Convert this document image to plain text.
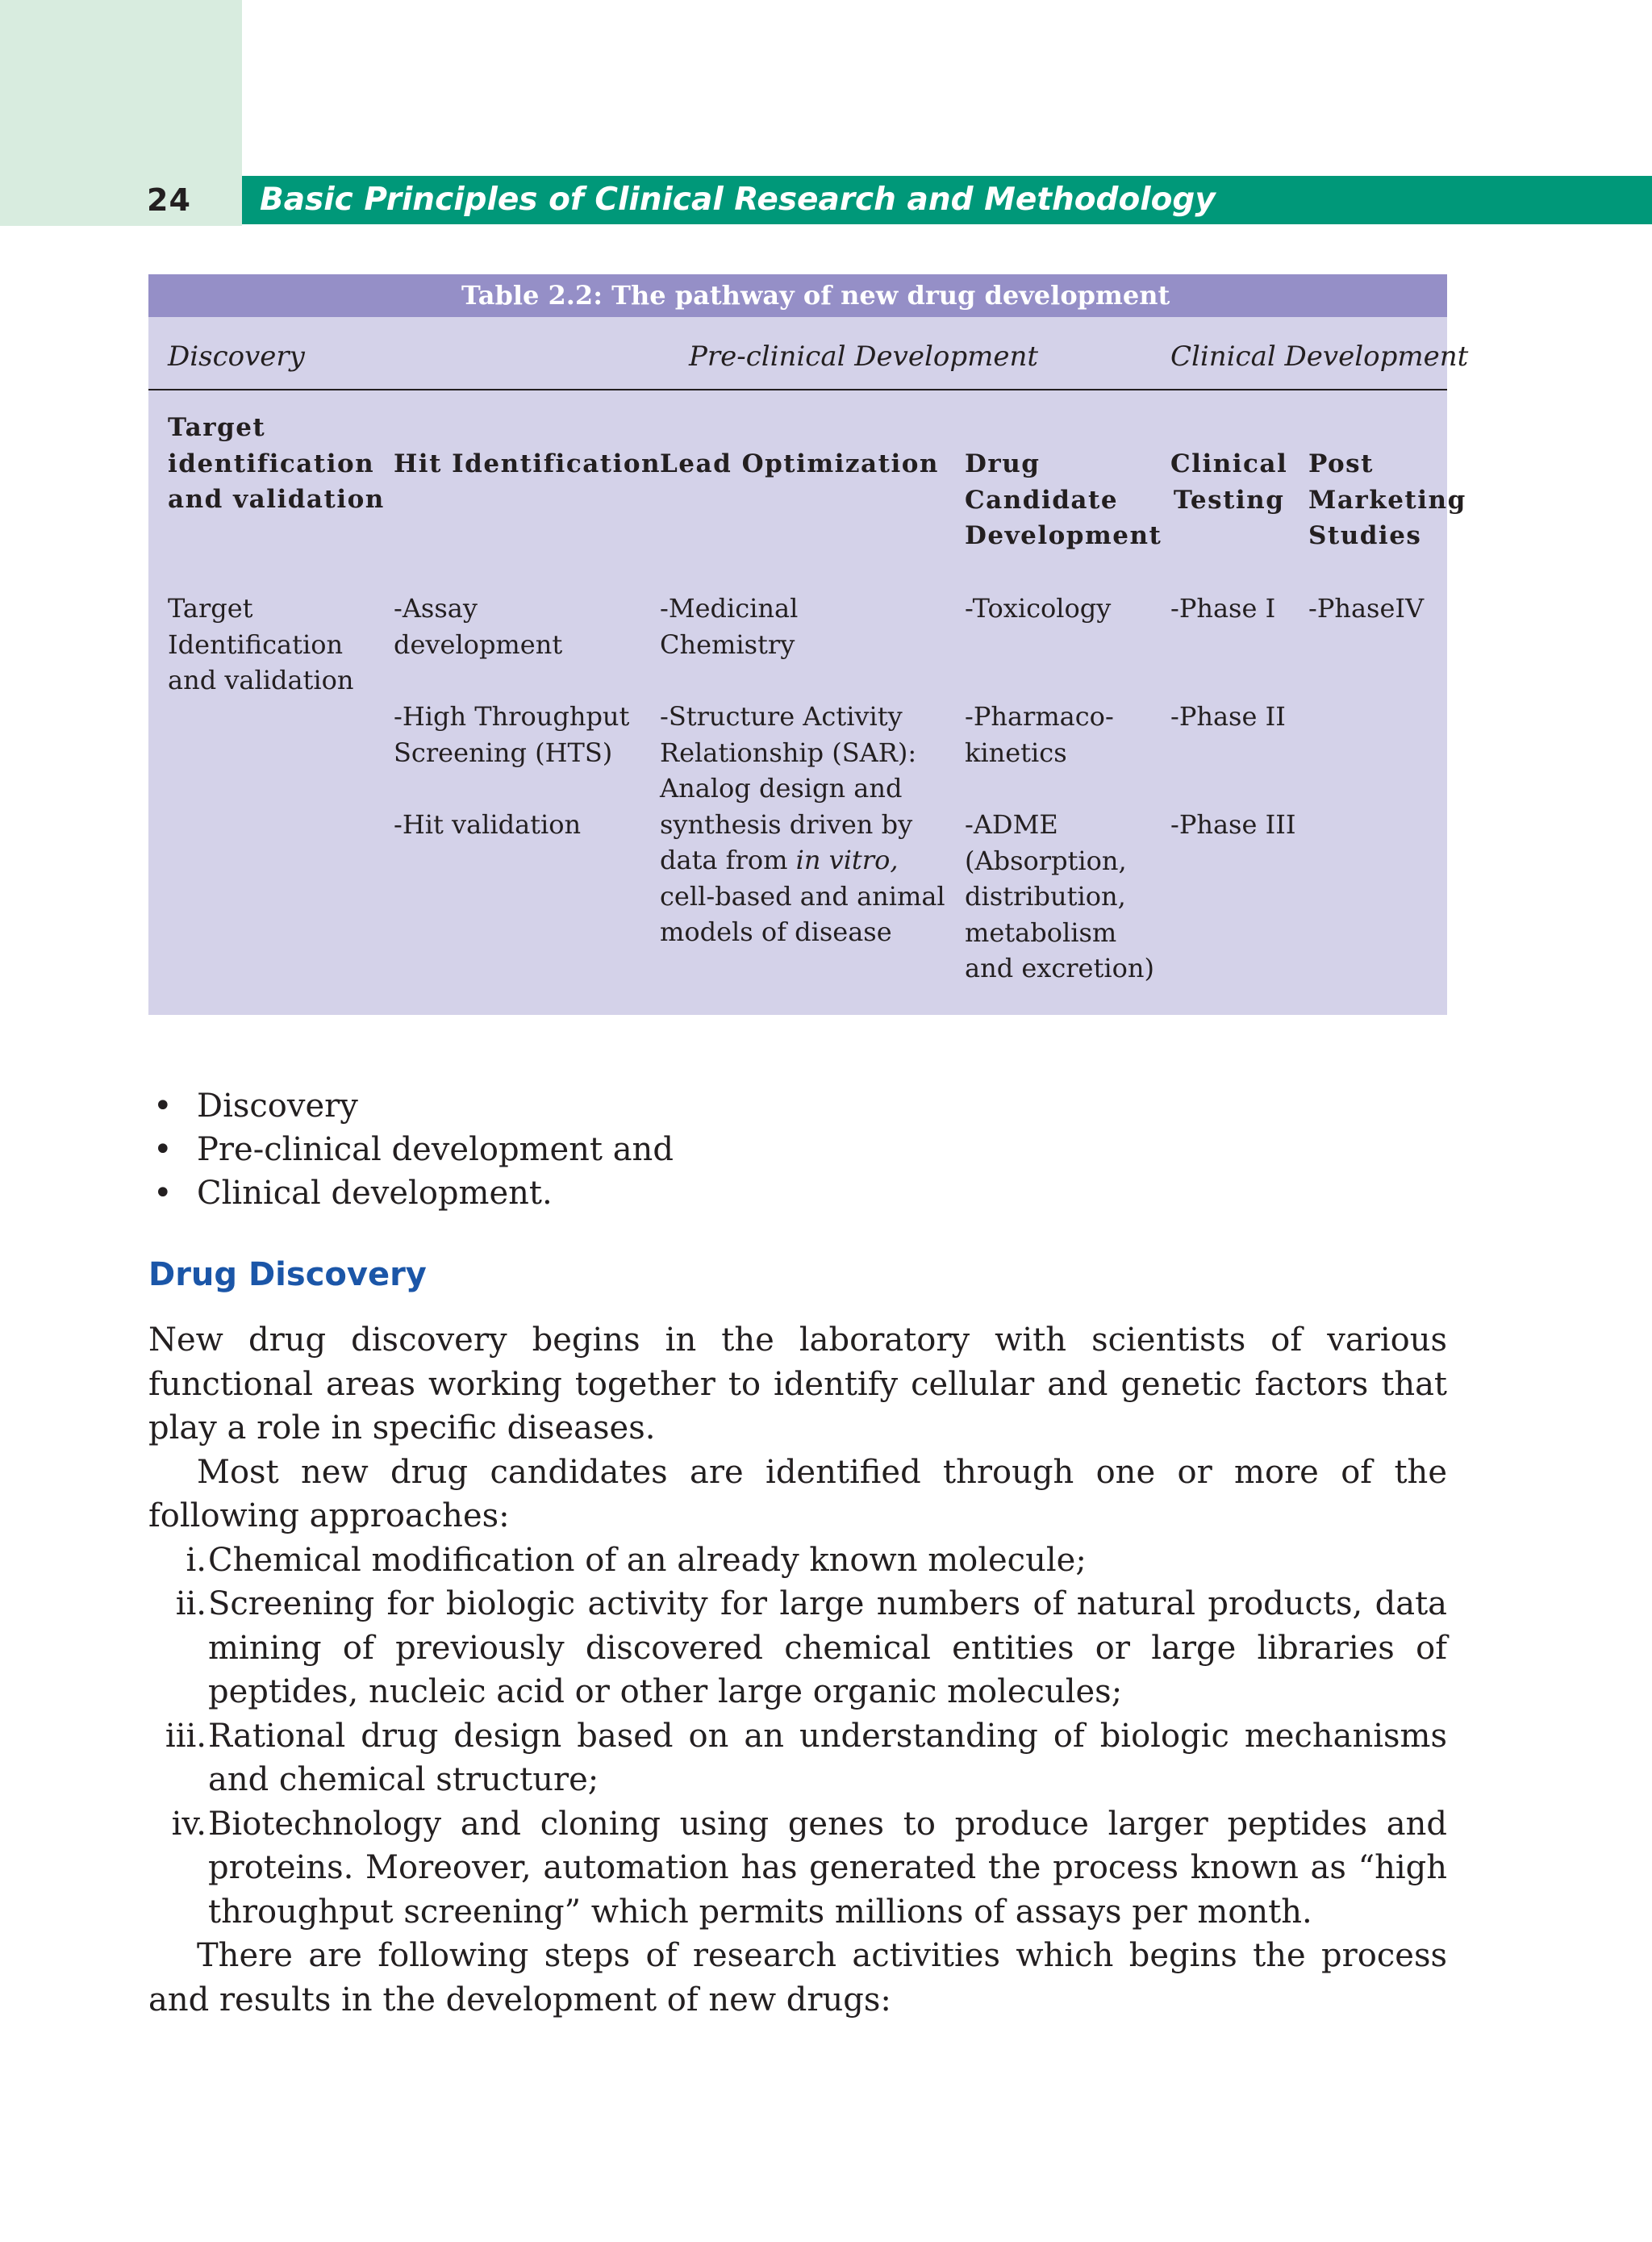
24 Basic Principles of Clinical Research and Methodology
Table 2.2: The pathway of new drug development
Discovery	Pre-clinical Development	Clinical Development
Target
identification
and validation
Hit Identification
Lead Optimization Drug
Candidate
Development
Clinical
Testing
Post
Marketing
Studies
Target
Identification
and validation
-Assay
development
-High Throughput
Screening (HTS)
-Hit validation
-Medicinal
Chemistry
-Structure Activity
Relationship (SAR):
Analog design and
synthesis driven by
data from in vitro,
cell-based and animal
models of disease
-Toxicology
-Pharmaco-
kinetics
-ADME
(Absorption,
distribution,
metabolism
and excretion)
-Phase I
-Phase II
-Phase III
-PhaseIV
• Discovery
• Pre-clinical development and
• Clinical development.
Drug Discovery

New drug discovery begins in the laboratory with scientists of various functional areas working together to identify cellular and genetic factors that play a role in specific diseases.

Most new drug candidates are identified through one or more of the following approaches:

i. Chemical modification of an already known molecule;
ii. Screening for biologic activity for large numbers of natural products, data mining of previously discovered chemical entities or large libraries of peptides, nucleic acid or other large organic molecules;
iii. Rational drug design based on an understanding of biologic mechanisms and chemical structure;
iv. Biotechnology and cloning using genes to produce larger peptides and proteins. Moreover, automation has generated the process known as “high throughput screening” which permits millions of assays per month.

There are following steps of research activities which begins the process and results in the development of new drugs:
